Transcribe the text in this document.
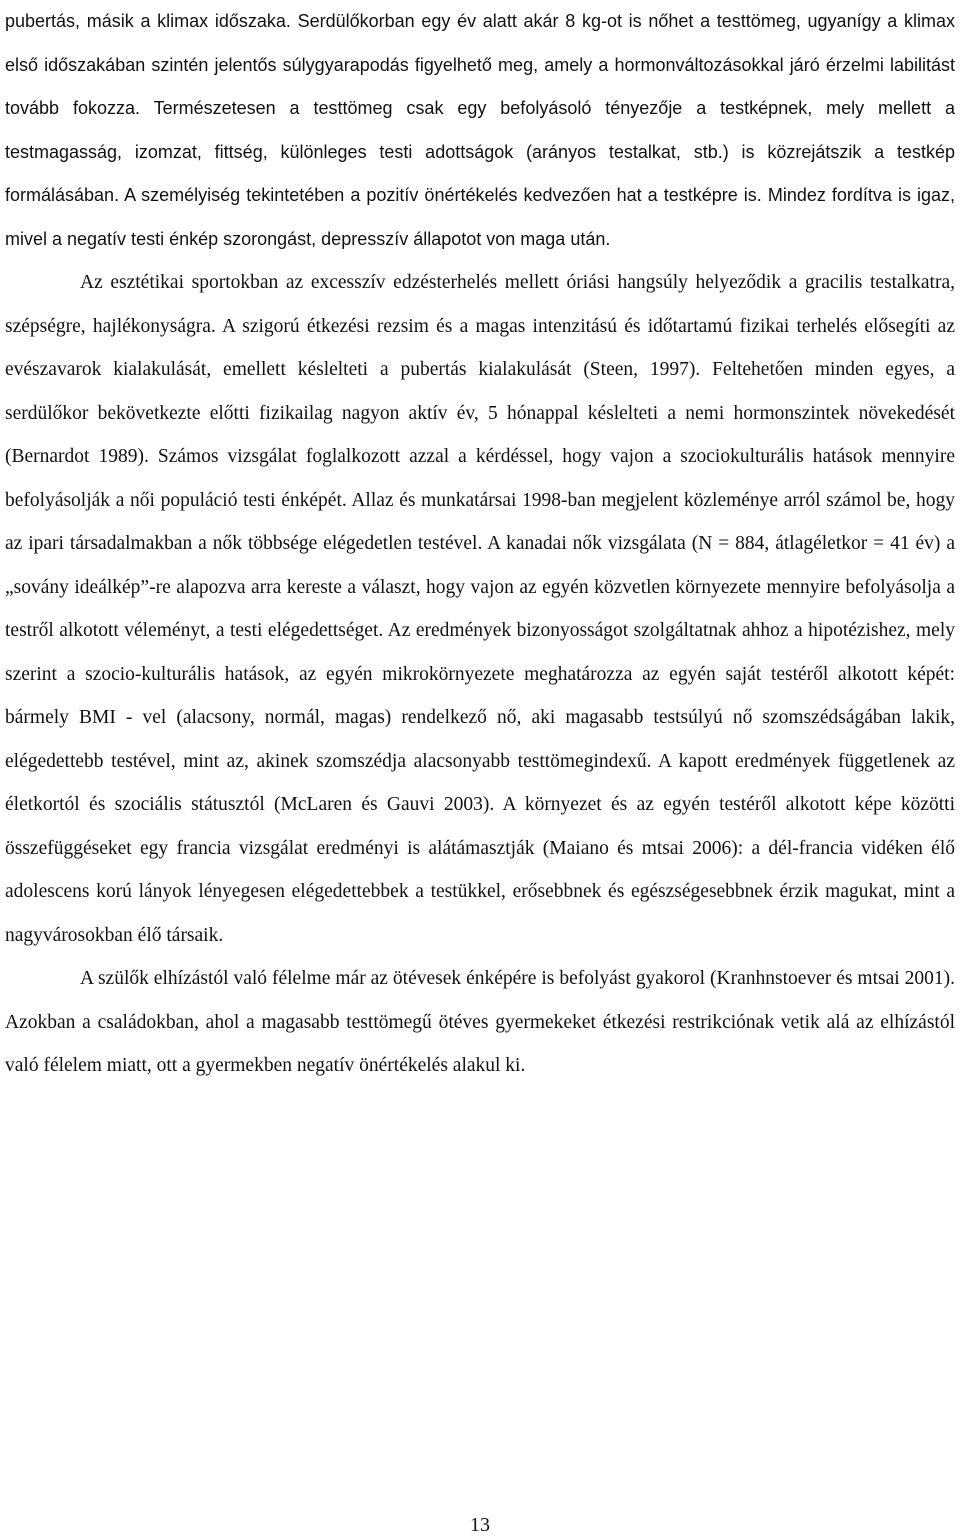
pubertás, másik a klimax időszaka. Serdülőkorban egy év alatt akár 8 kg-ot is nőhet a testtömeg, ugyanígy a klimax első időszakában szintén jelentős súlygyarapodás figyelhető meg, amely a hormonváltozásokkal járó érzelmi labilitást tovább fokozza. Természetesen a testtömeg csak egy befolyásoló tényezője a testképnek, mely mellett a testmagasság, izomzat, fittség, különleges testi adottságok (arányos testalkat, stb.) is közrejátszik a testkép formálásában. A személyiség tekintetében a pozitív önértékelés kedvezően hat a testképre is. Mindez fordítva is igaz, mivel a negatív testi énkép szorongást, depresszív állapotot von maga után.

Az esztétikai sportokban az excesszív edzésterhelés mellett óriási hangsúly helyeződik a gracilis testalkatra, szépségre, hajlékonyságra. A szigorú étkezési rezsim és a magas intenzitású és időtartamú fizikai terhelés elősegíti az evészavarok kialakulását, emellett késlelteti a pubertás kialakulását (Steen, 1997). Feltehetően minden egyes, a serdülőkor bekövetkezte előtti fizikailag nagyon aktív év, 5 hónappal késlelteti a nemi hormonszintek növekedését (Bernardot 1989). Számos vizsgálat foglalkozott azzal a kérdéssel, hogy vajon a szociokulturális hatások mennyire befolyásolják a női populáció testi énképét. Allaz és munkatársai 1998-ban megjelent közleménye arról számol be, hogy az ipari társadalmakban a nők többsége elégedetlen testével. A kanadai nők vizsgálata (N = 884, átlagéletkor = 41 év) a „sovány ideálkép”-re alapozva arra kereste a választ, hogy vajon az egyén közvetlen környezete mennyire befolyásolja a testről alkotott véleményt, a testi elégedettséget. Az eredmények bizonyosságot szolgáltatnak ahhoz a hipotézishez, mely szerint a szocio-kulturális hatások, az egyén mikrokörnyezete meghatározza az egyén saját testéről alkotott képét: bármely BMI - vel (alacsony, normál, magas) rendelkező nő, aki magasabb testsúlyú nő szomszédságában lakik, elégedettebb testével, mint az, akinek szomszédja alacsonyabb testtömegindexű. A kapott eredmények függetlenek az életkortól és szociális státusztól (McLaren és Gauvi 2003). A környezet és az egyén testéről alkotott képe közötti összefüggéseket egy francia vizsgálat eredményi is alátámasztják (Maiano és mtsai 2006): a dél-francia vidéken élő adolescens korú lányok lényegesen elégedettebbek a testükkel, erősebbnek és egészségesebbnek érzik magukat, mint a nagyvárosokban élő társaik.

A szülők elhízástól való félelme már az ötévesek énképére is befolyást gyakorol (Kranhnstoever és mtsai 2001). Azokban a családokban, ahol a magasabb testtömegű ötéves gyermekeket étkezési restrikciónak vetik alá az elhízástól való félelem miatt, ott a gyermekben negatív önértékelés alakul ki.

13
